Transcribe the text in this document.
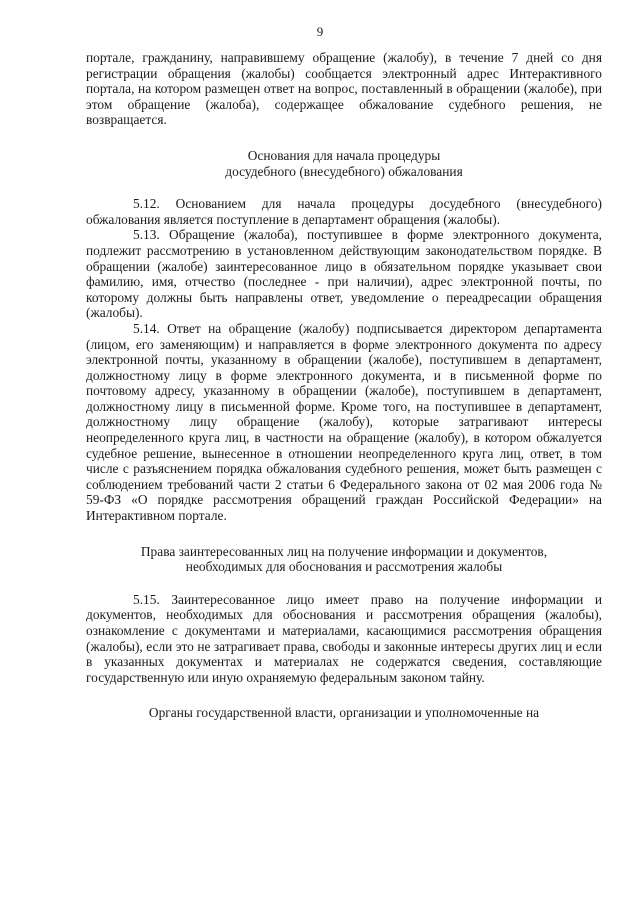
9

порталe, гражданину, направившему обращение (жалобу), в течение 7 дней со дня регистрации обращения (жалобы) сообщается электронный адрес Интерактивного портала, на котором размещен ответ на вопрос, поставленный в обращении (жалобе), при этом обращение (жалоба), содержащее обжалование судебного решения, не возвращается.

Основания для начала процедуры
досудебного (внесудебного) обжалования

5.12. Основанием для начала процедуры досудебного (внесудебного) обжалования является поступление в департамент обращения (жалобы).

5.13. Обращение (жалоба), поступившее в форме электронного документа, подлежит рассмотрению в установленном действующим законодательством порядке. В обращении (жалобе) заинтересованное лицо в обязательном порядке указывает свои фамилию, имя, отчество (последнее - при наличии), адрес электронной почты, по которому должны быть направлены ответ, уведомление о переадресации обращения (жалобы).

5.14. Ответ на обращение (жалобу) подписывается директором департамента (лицом, его заменяющим) и направляется в форме электронного документа по адресу электронной почты, указанному в обращении (жалобе), поступившем в департамент, должностному лицу в форме электронного документа, и в письменной форме по почтовому адресу, указанному в обращении (жалобе), поступившем в департамент, должностному лицу в письменной форме. Кроме того, на поступившее в департамент, должностному лицу обращение (жалобу), которые затрагивают интересы неопределенного круга лиц, в частности на обращение (жалобу), в котором обжалуется судебное решение, вынесенное в отношении неопределенного круга лиц, ответ, в том числе с разъяснением порядка обжалования судебного решения, может быть размещен с соблюдением требований части 2 статьи 6 Федерального закона от 02 мая 2006 года № 59-ФЗ «О порядке рассмотрения обращений граждан Российской Федерации» на Интерактивном портале.

Права заинтересованных лиц на получение информации и документов,
необходимых для обоснования и рассмотрения жалобы

5.15. Заинтересованное лицо имеет право на получение информации и документов, необходимых для обоснования и рассмотрения обращения (жалобы), ознакомление с документами и материалами, касающимися рассмотрения обращения (жалобы), если это не затрагивает права, свободы и законные интересы других лиц и если в указанных документах и материалах не содержатся сведения, составляющие государственную или иную охраняемую федеральным законом тайну.

Органы государственной власти, организации и уполномоченные на
